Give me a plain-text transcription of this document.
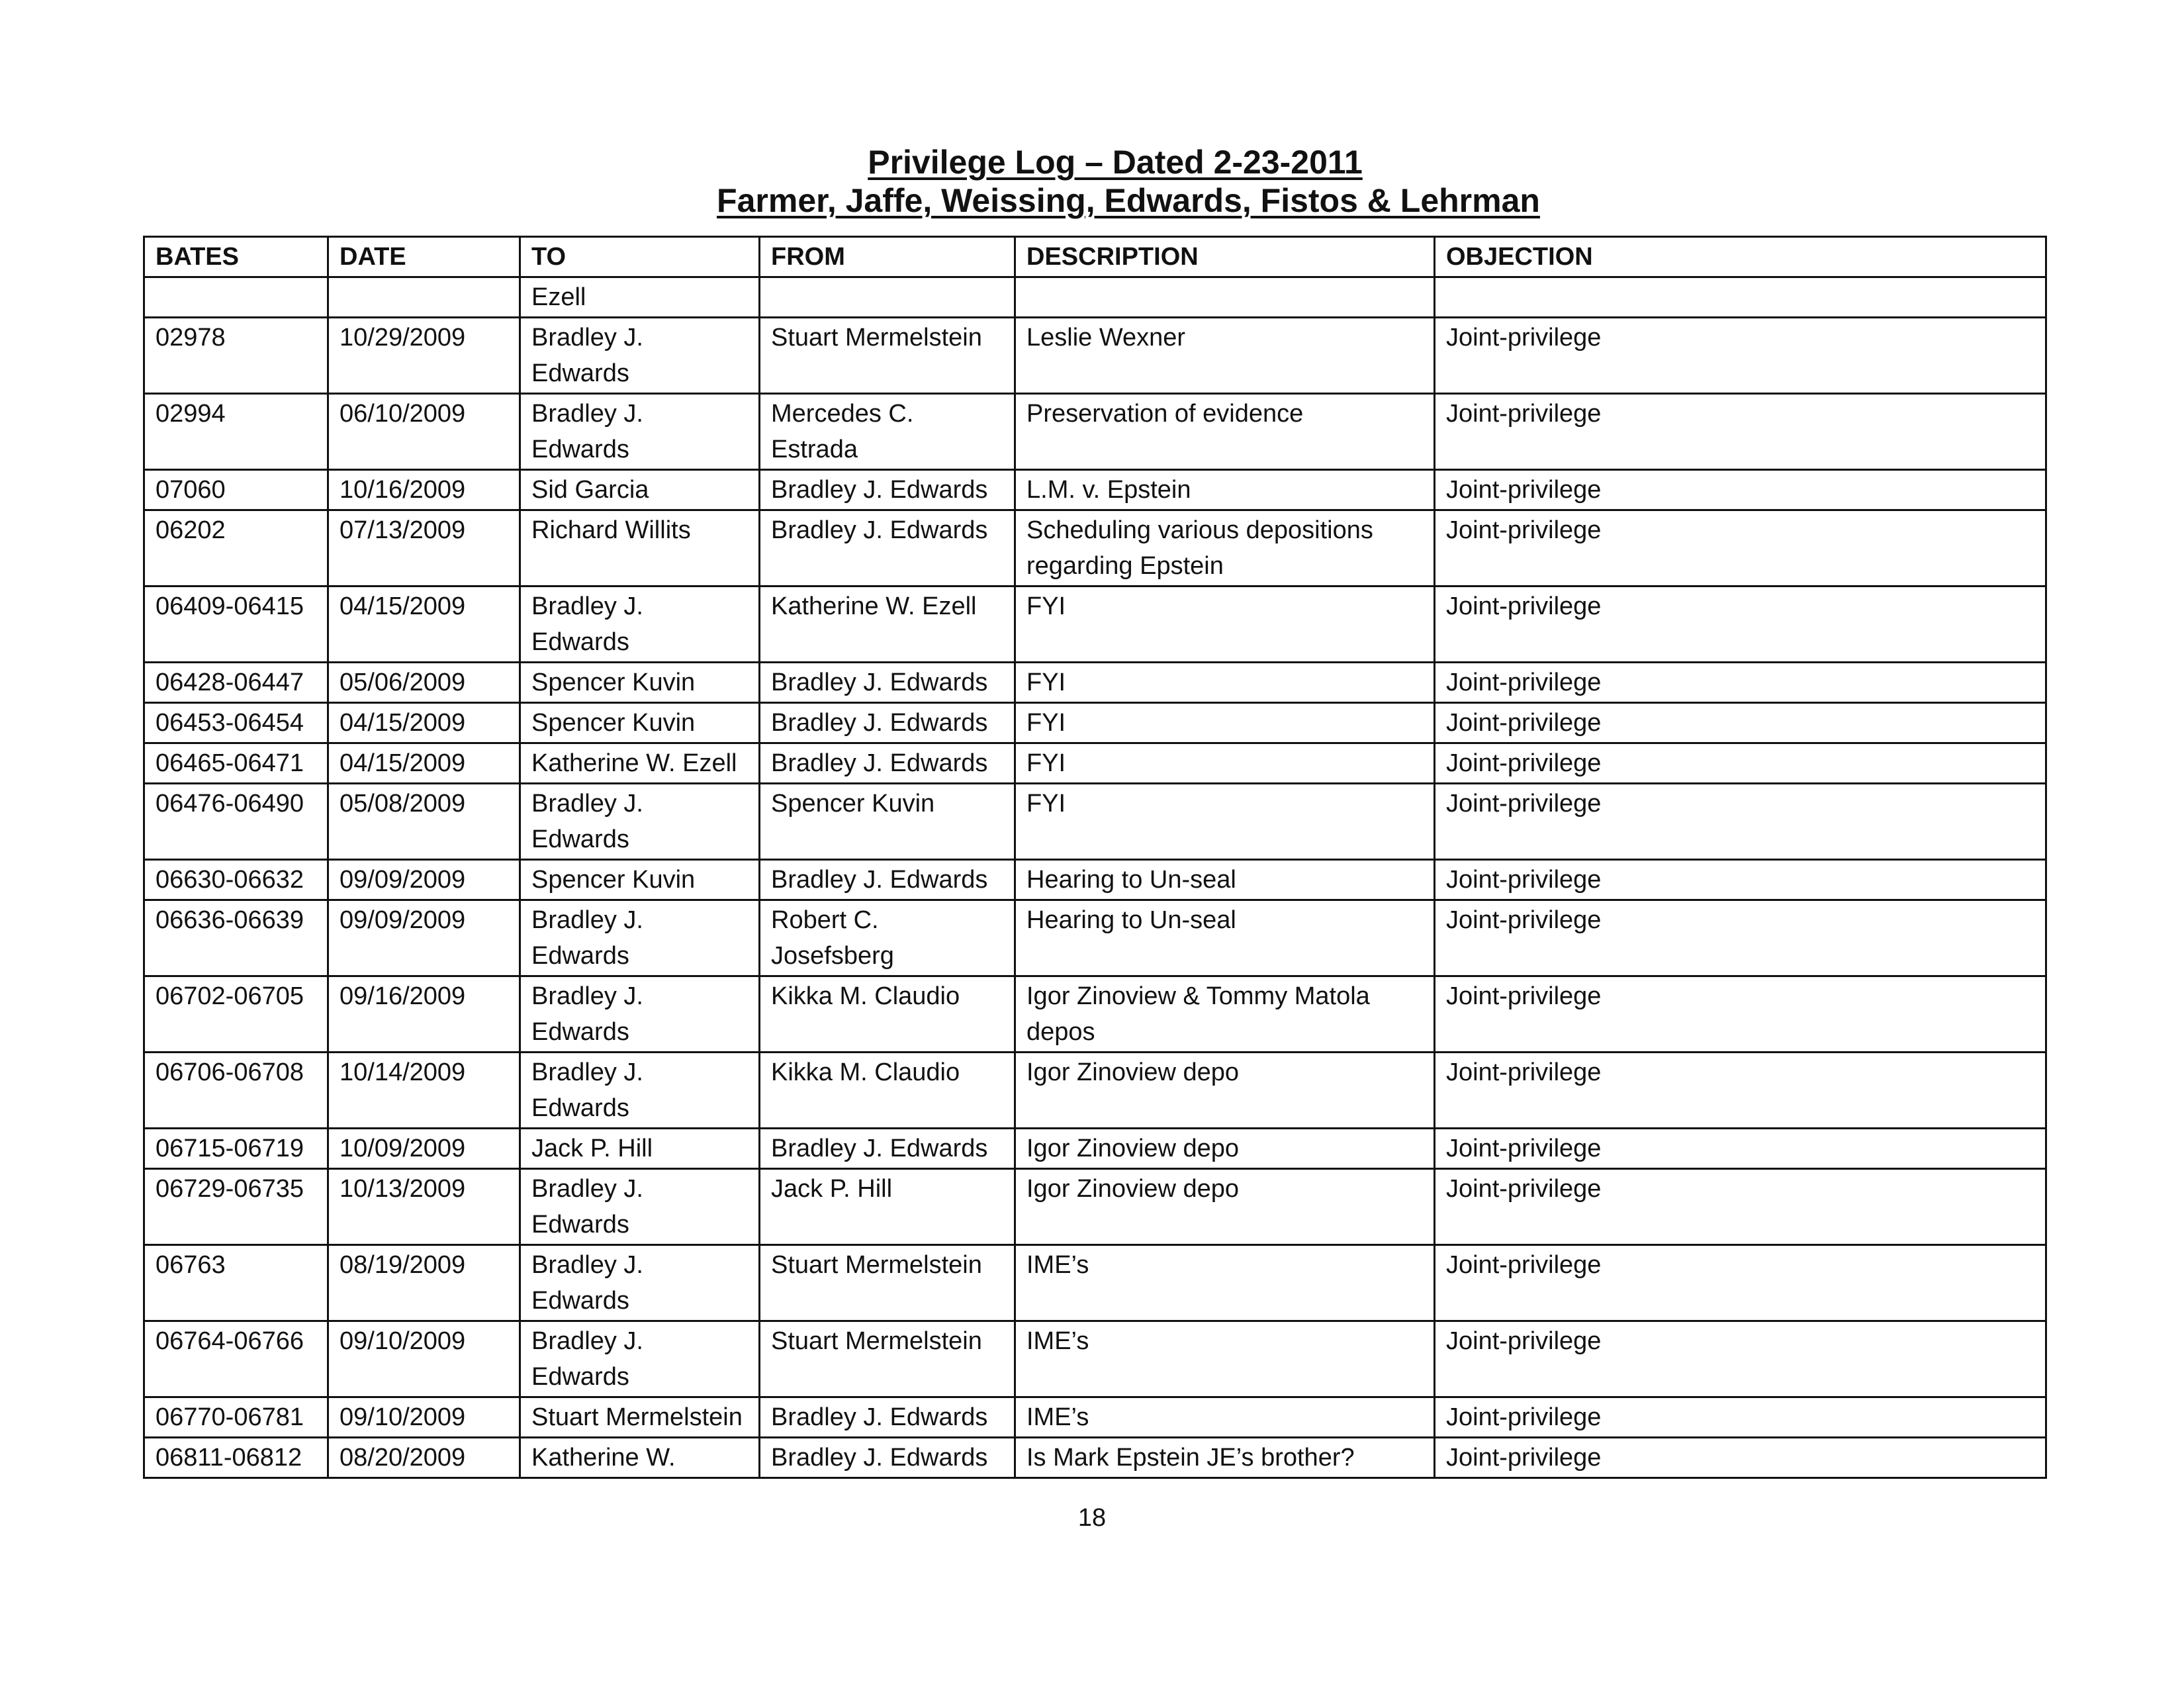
Privilege Log – Dated 2-23-2011
Farmer, Jaffe, Weissing, Edwards, Fistos & Lehrman
BATES	DATE	TO	FROM	DESCRIPTION	OBJECTION
		Ezell			
02978	10/29/2009	Bradley J. Edwards	Stuart Mermelstein	Leslie Wexner	Joint-privilege
02994	06/10/2009	Bradley J. Edwards	Mercedes C. Estrada	Preservation of evidence	Joint-privilege
07060	10/16/2009	Sid Garcia	Bradley J. Edwards	L.M. v. Epstein	Joint-privilege
06202	07/13/2009	Richard Willits	Bradley J. Edwards	Scheduling various depositions regarding Epstein	Joint-privilege
06409-06415	04/15/2009	Bradley J. Edwards	Katherine W. Ezell	FYI	Joint-privilege
06428-06447	05/06/2009	Spencer Kuvin	Bradley J. Edwards	FYI	Joint-privilege
06453-06454	04/15/2009	Spencer Kuvin	Bradley J. Edwards	FYI	Joint-privilege
06465-06471	04/15/2009	Katherine W. Ezell	Bradley J. Edwards	FYI	Joint-privilege
06476-06490	05/08/2009	Bradley J. Edwards	Spencer Kuvin	FYI	Joint-privilege
06630-06632	09/09/2009	Spencer Kuvin	Bradley J. Edwards	Hearing to Un-seal	Joint-privilege
06636-06639	09/09/2009	Bradley J. Edwards	Robert C. Josefsberg	Hearing to Un-seal	Joint-privilege
06702-06705	09/16/2009	Bradley J. Edwards	Kikka M. Claudio	Igor Zinoview & Tommy Matola depos	Joint-privilege
06706-06708	10/14/2009	Bradley J. Edwards	Kikka M. Claudio	Igor Zinoview depo	Joint-privilege
06715-06719	10/09/2009	Jack P. Hill	Bradley J. Edwards	Igor Zinoview depo	Joint-privilege
06729-06735	10/13/2009	Bradley J. Edwards	Jack P. Hill	Igor Zinoview depo	Joint-privilege
06763	08/19/2009	Bradley J. Edwards	Stuart Mermelstein	IME’s	Joint-privilege
06764-06766	09/10/2009	Bradley J. Edwards	Stuart Mermelstein	IME’s	Joint-privilege
06770-06781	09/10/2009	Stuart Mermelstein	Bradley J. Edwards	IME’s	Joint-privilege
06811-06812	08/20/2009	Katherine W.	Bradley J. Edwards	Is Mark Epstein JE’s brother?	Joint-privilege
18
